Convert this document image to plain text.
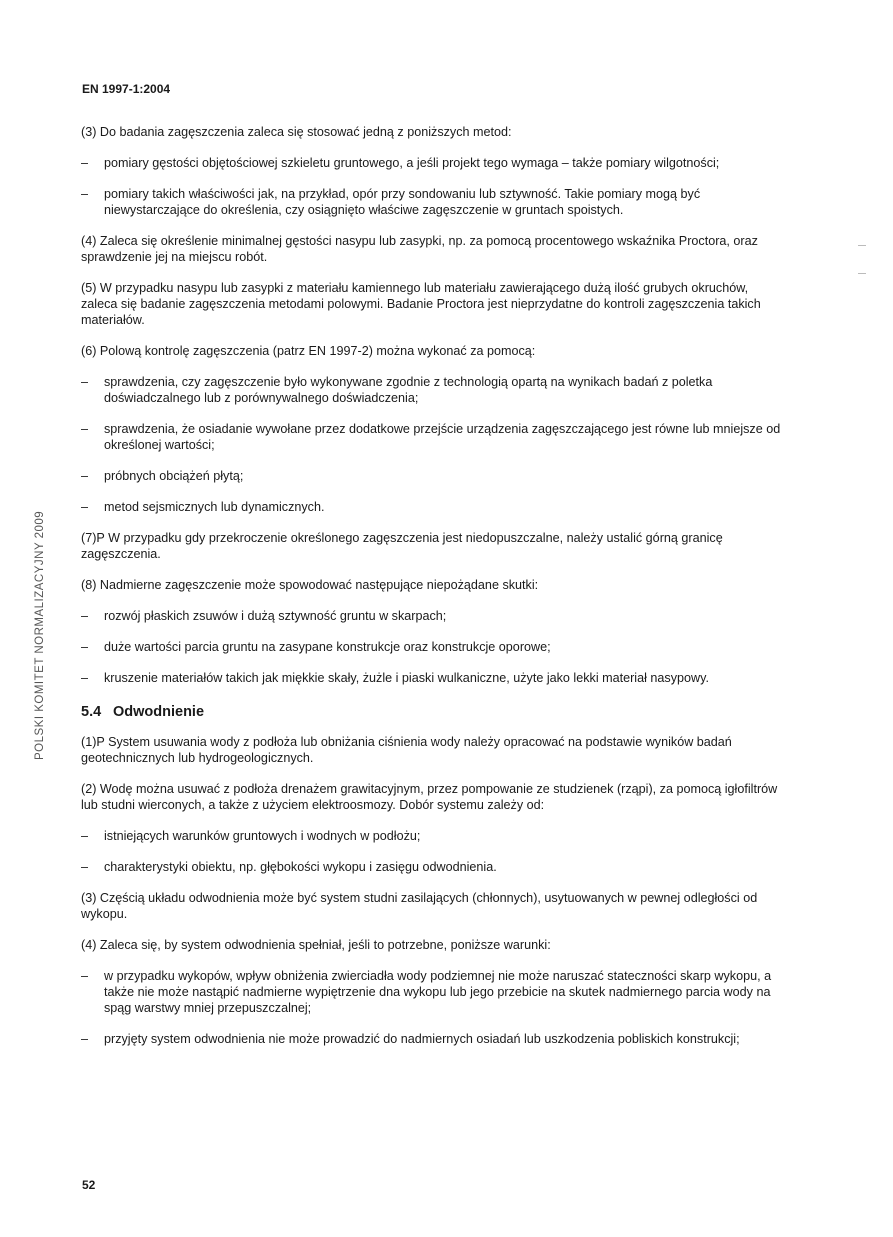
EN 1997-1:2004
POLSKI KOMITET NORMALIZACYJNY 2009

(3) Do badania zagęszczenia zaleca się stosować jedną z poniższych metod:

– pomiary gęstości objętościowej szkieletu gruntowego, a jeśli projekt tego wymaga – także pomiary wilgotności;
– pomiary takich właściwości jak, na przykład, opór przy sondowaniu lub sztywność. Takie pomiary mogą być niewystarczające do określenia, czy osiągnięto właściwe zagęszczenie w gruntach spoistych.

(4) Zaleca się określenie minimalnej gęstości nasypu lub zasypki, np. za pomocą procentowego wskaźnika Proctora, oraz sprawdzenie jej na miejscu robót.

(5) W przypadku nasypu lub zasypki z materiału kamiennego lub materiału zawierającego dużą ilość grubych okruchów, zaleca się badanie zagęszczenia metodami polowymi. Badanie Proctora jest nieprzydatne do kontroli zagęszczenia takich materiałów.

(6) Polową kontrolę zagęszczenia (patrz EN 1997-2) można wykonać za pomocą:

– sprawdzenia, czy zagęszczenie było wykonywane zgodnie z technologią opartą na wynikach badań z poletka doświadczalnego lub z porównywalnego doświadczenia;
– sprawdzenia, że osiadanie wywołane przez dodatkowe przejście urządzenia zagęszczającego jest równe lub mniejsze od określonej wartości;
– próbnych obciążeń płytą;
– metod sejsmicznych lub dynamicznych.

(7)P W przypadku gdy przekroczenie określonego zagęszczenia jest niedopuszczalne, należy ustalić górną granicę zagęszczenia.

(8) Nadmierne zagęszczenie może spowodować następujące niepożądane skutki:

– rozwój płaskich zsuwów i dużą sztywność gruntu w skarpach;
– duże wartości parcia gruntu na zasypane konstrukcje oraz konstrukcje oporowe;
– kruszenie materiałów takich jak miękkie skały, żużle i piaski wulkaniczne, użyte jako lekki materiał nasypowy.
5.4 Odwodnienie

(1)P System usuwania wody z podłoża lub obniżania ciśnienia wody należy opracować na podstawie wyników badań geotechnicznych lub hydrogeologicznych.

(2) Wodę można usuwać z podłoża drenażem grawitacyjnym, przez pompowanie ze studzienek (rząpi), za pomocą igłofiltrów lub studni wierconych, a także z użyciem elektroosmozy. Dobór systemu zależy od:

– istniejących warunków gruntowych i wodnych w podłożu;
– charakterystyki obiektu, np. głębokości wykopu i zasięgu odwodnienia.

(3) Częścią układu odwodnienia może być system studni zasilających (chłonnych), usytuowanych w pewnej odległości od wykopu.

(4) Zaleca się, by system odwodnienia spełniał, jeśli to potrzebne, poniższe warunki:

– w przypadku wykopów, wpływ obniżenia zwierciadła wody podziemnej nie może naruszać stateczności skarp wykopu, a także nie może nastąpić nadmierne wypiętrzenie dna wykopu lub jego przebicie na skutek nadmiernego parcia wody na spąg warstwy mniej przepuszczalnej;
– przyjęty system odwodnienia nie może prowadzić do nadmiernych osiadań lub uszkodzenia pobliskich konstrukcji;
52
